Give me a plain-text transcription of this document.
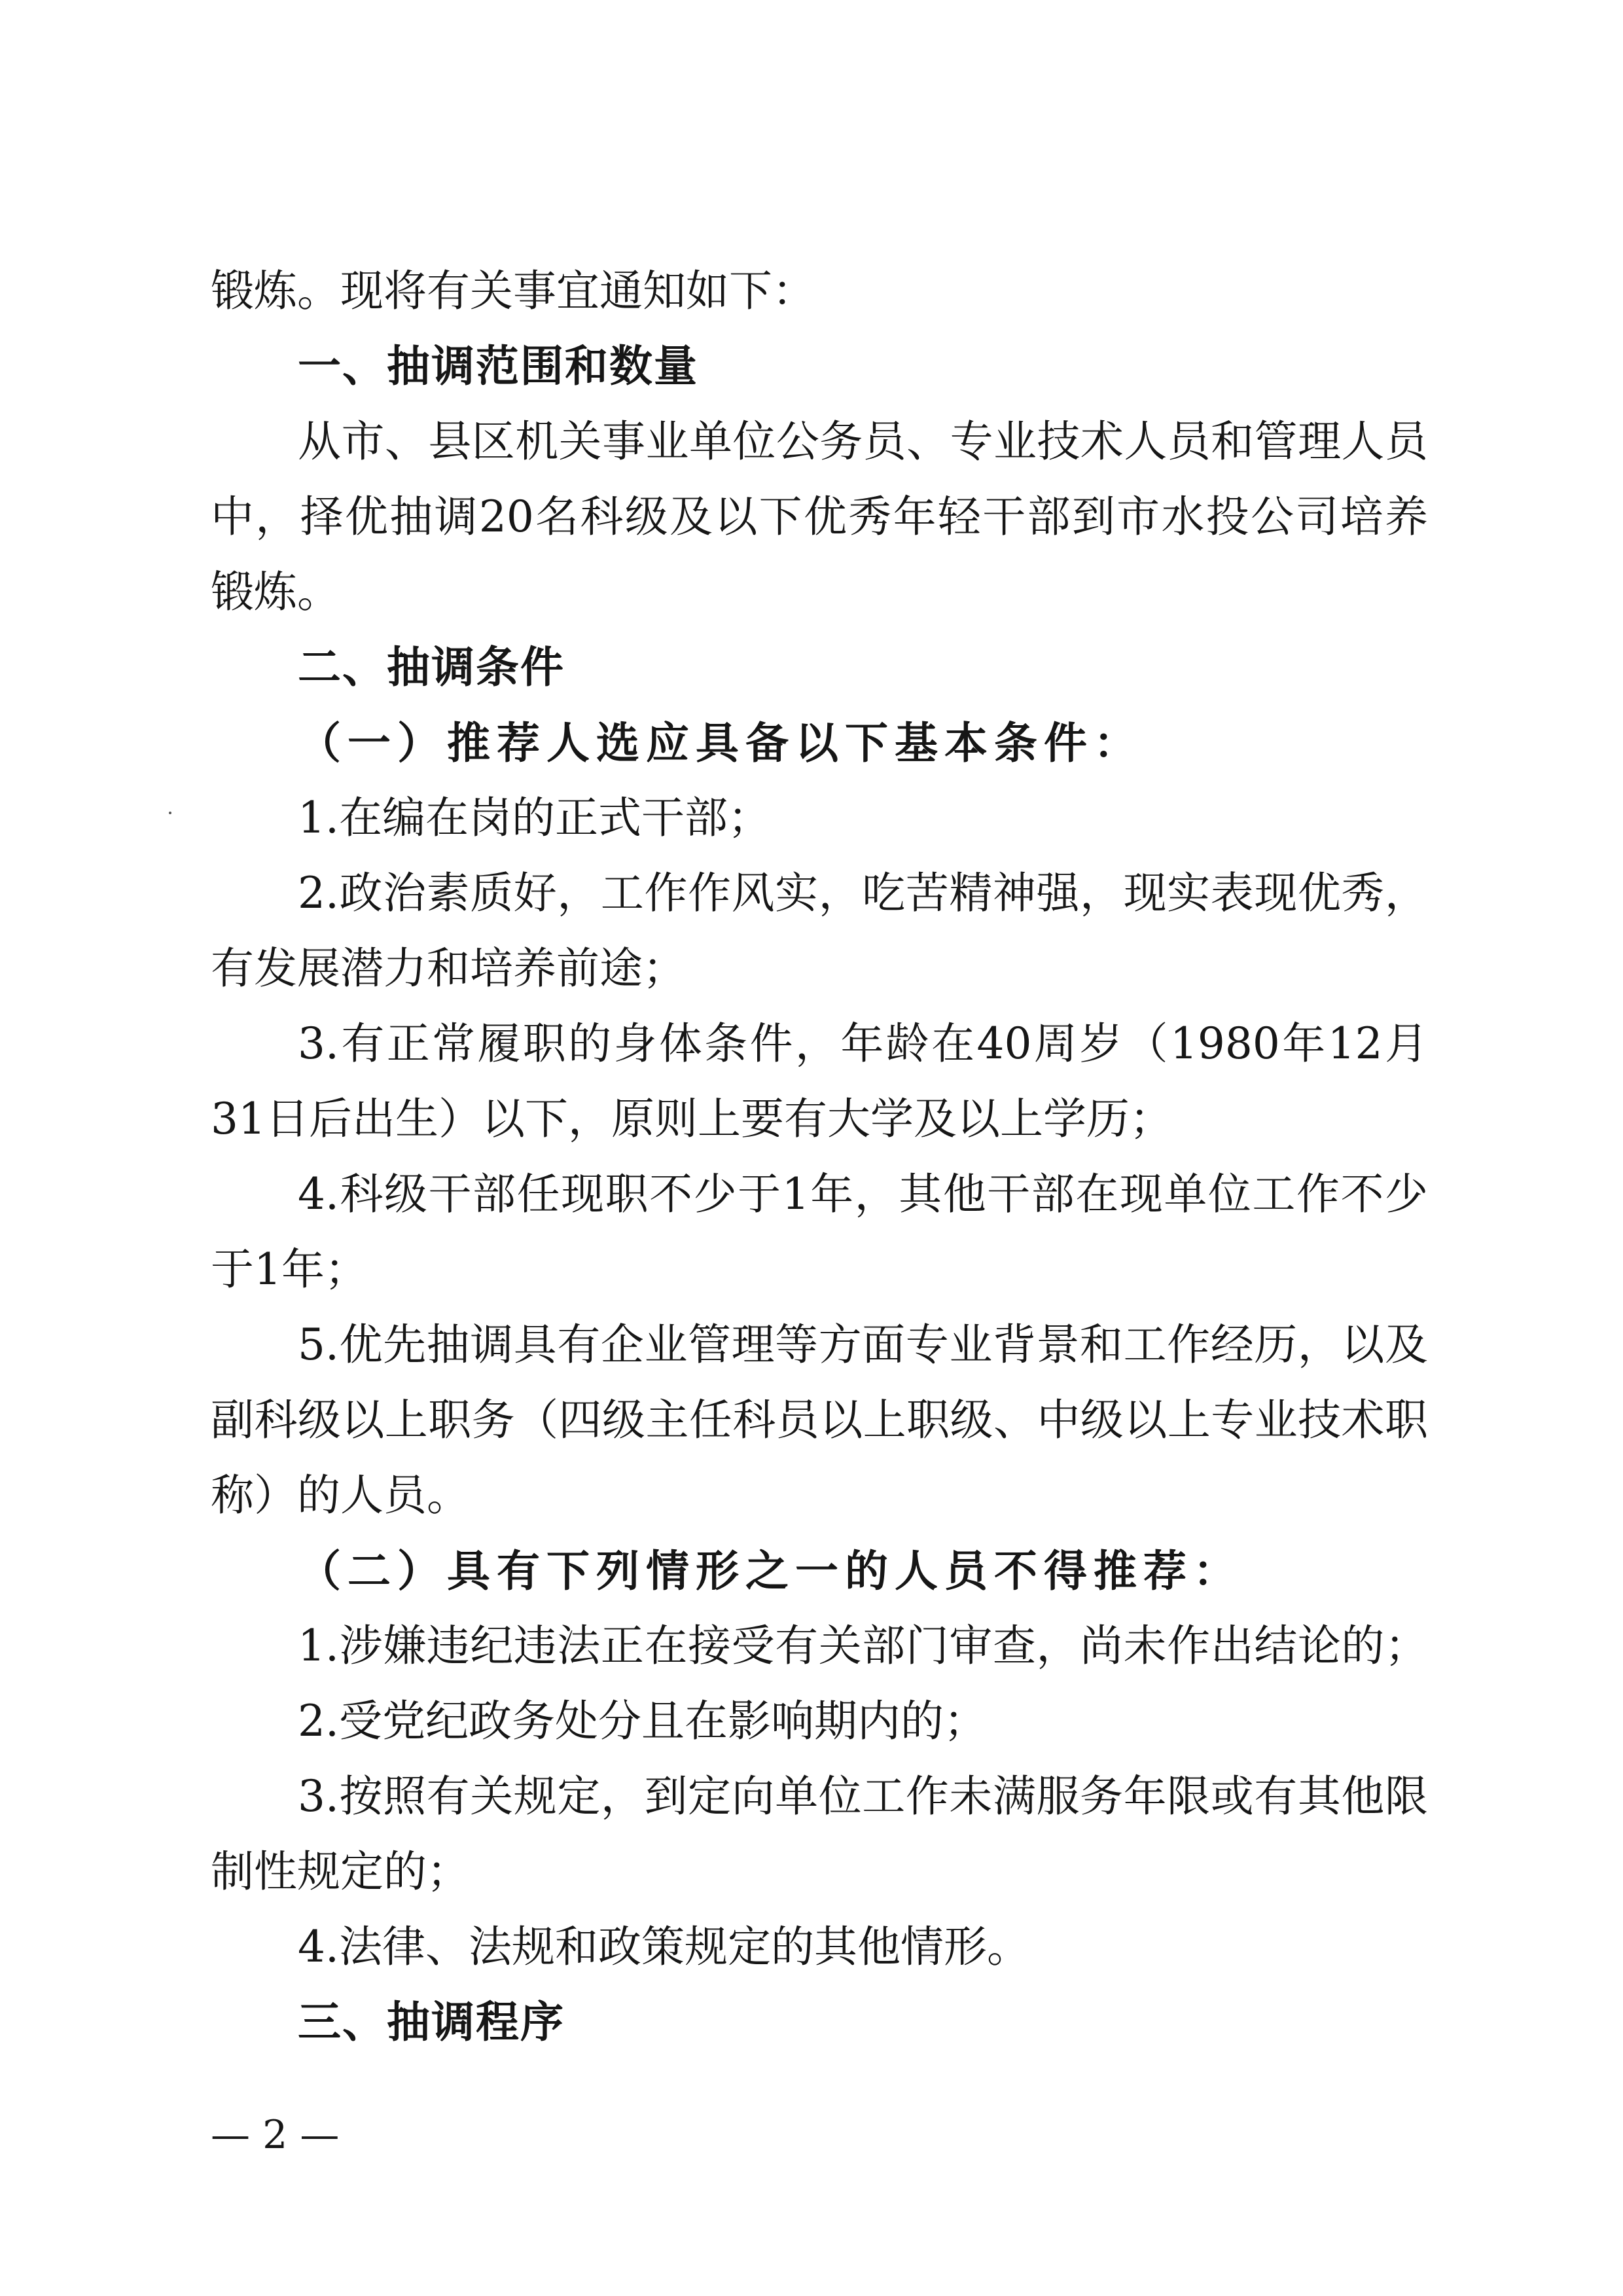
锻炼。现将有关事宜通知如下：
一、抽调范围和数量
从市、县区机关事业单位公务员、专业技术人员和管理人员
中，择优抽调20名科级及以下优秀年轻干部到市水投公司培养
锻炼。
二、抽调条件
（一）推荐人选应具备以下基本条件：
1.在编在岗的正式干部；
2.政治素质好，工作作风实，吃苦精神强，现实表现优秀，
有发展潜力和培养前途；
3.有正常履职的身体条件，年龄在40周岁（1980年12月
31日后出生）以下，原则上要有大学及以上学历；
4.科级干部任现职不少于1年，其他干部在现单位工作不少
于1年；
5.优先抽调具有企业管理等方面专业背景和工作经历，以及
副科级以上职务（四级主任科员以上职级、中级以上专业技术职
称）的人员。
（二）具有下列情形之一的人员不得推荐：
1.涉嫌违纪违法正在接受有关部门审查，尚未作出结论的；
2.受党纪政务处分且在影响期内的；
3.按照有关规定，到定向单位工作未满服务年限或有其他限
制性规定的；
4.法律、法规和政策规定的其他情形。
三、抽调程序
— 2 —
